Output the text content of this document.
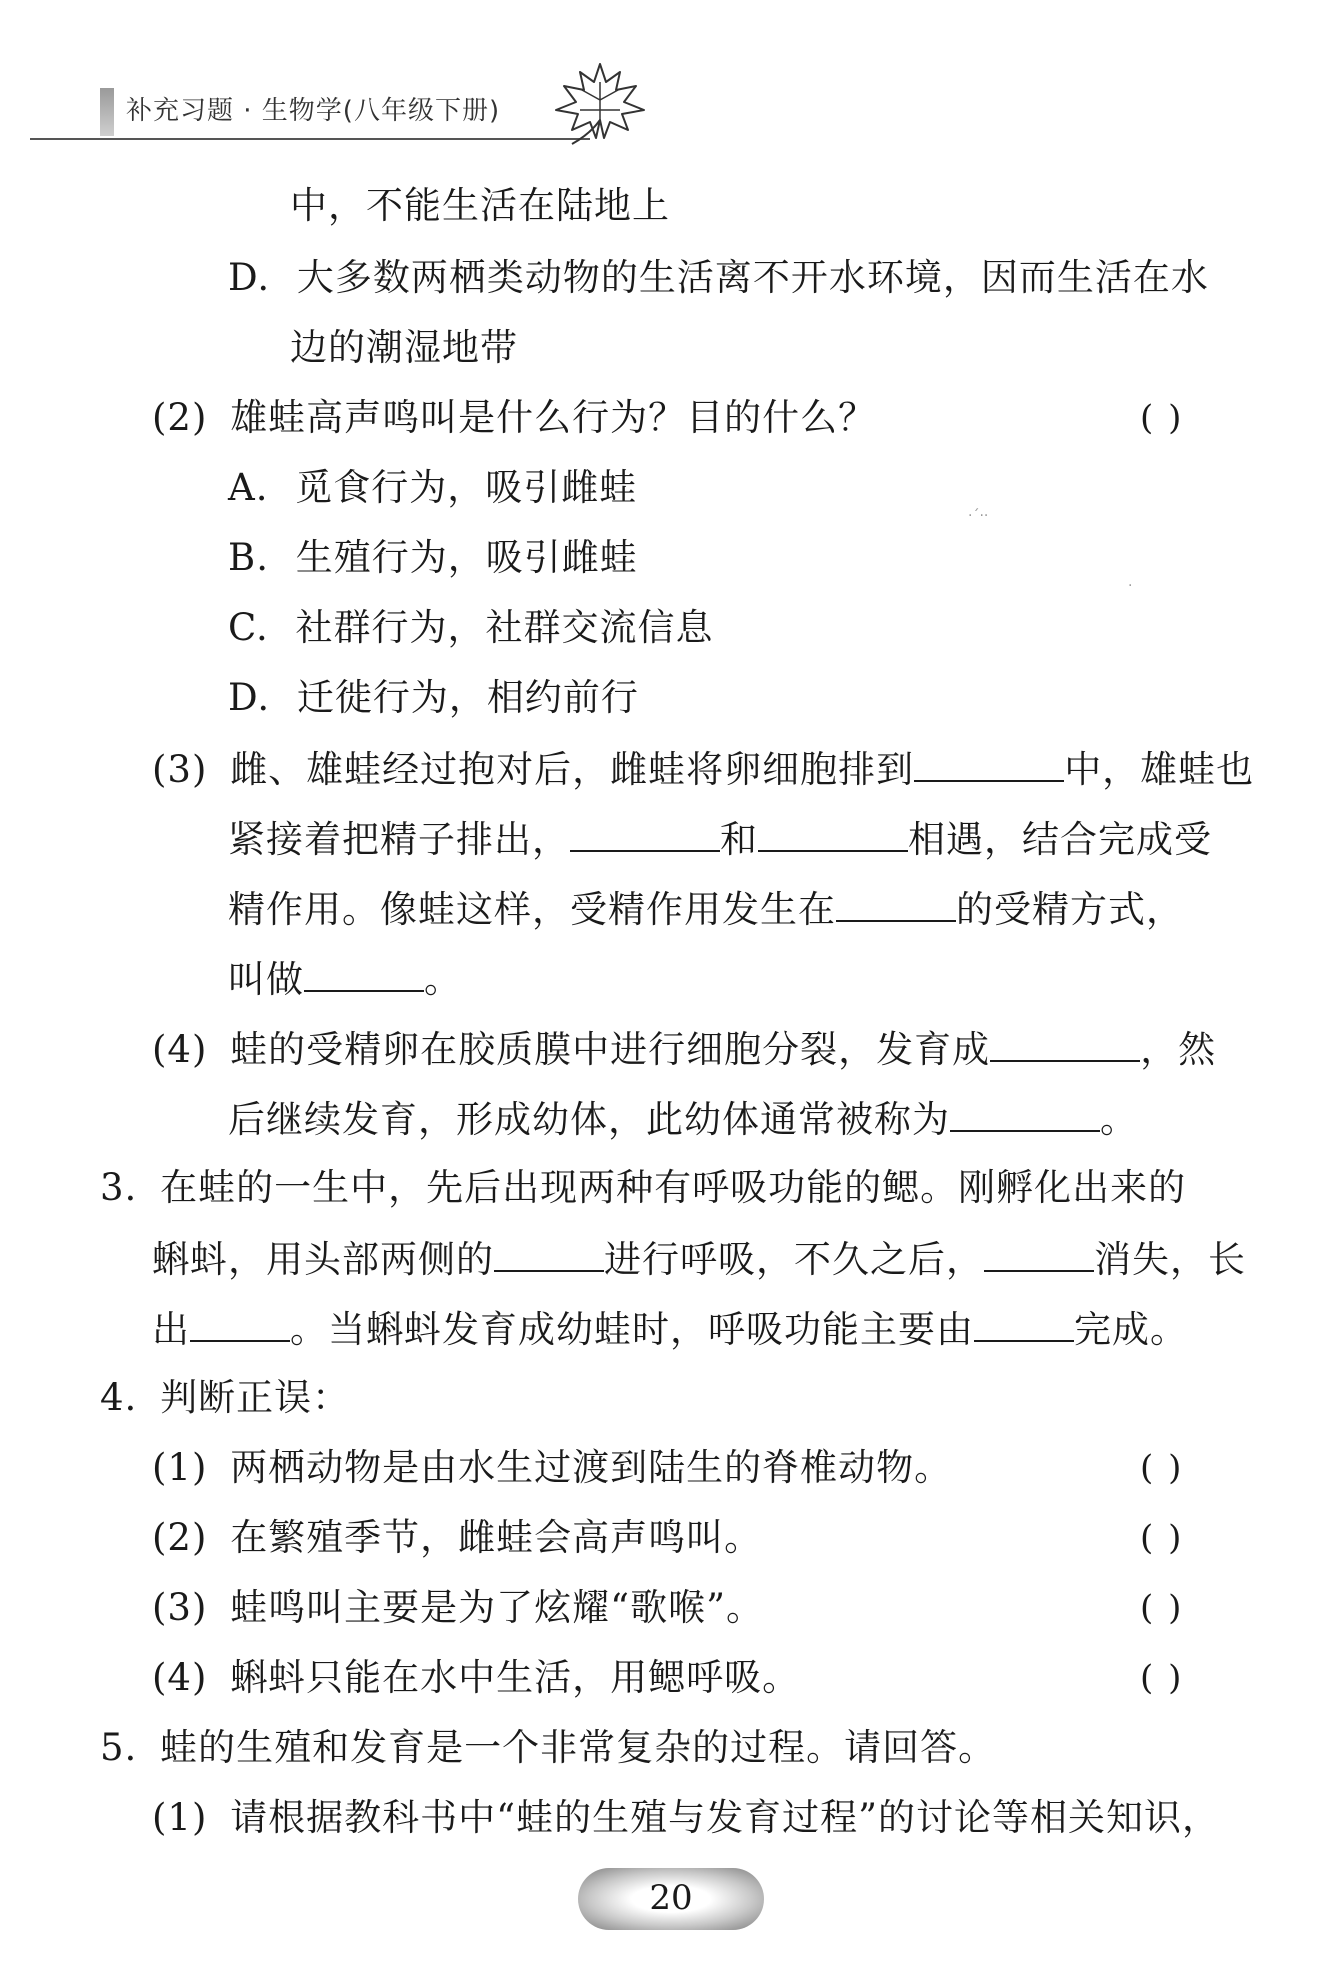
补充习题 · 生物学(八年级下册)
中，不能生活在陆地上
D. 大多数两栖类动物的生活离不开水环境，因而生活在水
边的潮湿地带
(2) 雄蛙高声鸣叫是什么行为？目的什么？	( )
A. 觅食行为，吸引雌蛙
B. 生殖行为，吸引雌蛙
C. 社群行为，社群交流信息
D. 迁徙行为，相约前行
(3) 雌、雄蛙经过抱对后，雌蛙将卵细胞排到	中，雄蛙也
紧接着把精子排出，	和	相遇，结合完成受
精作用。像蛙这样，受精作用发生在	的受精方式，
叫做	。
(4) 蛙的受精卵在胶质膜中进行细胞分裂，发育成	，然
后继续发育，形成幼体，此幼体通常被称为	。
3. 在蛙的一生中，先后出现两种有呼吸功能的鳃。刚孵化出来的
蝌蚪，用头部两侧的	进行呼吸，不久之后，	消失，长
出	。当蝌蚪发育成幼蛙时，呼吸功能主要由	完成。
4. 判断正误：
(1) 两栖动物是由水生过渡到陆生的脊椎动物。	( )
(2) 在繁殖季节，雌蛙会高声鸣叫。	( )
(3) 蛙鸣叫主要是为了炫耀“歌喉”。	( )
(4) 蝌蚪只能在水中生活，用鳃呼吸。	( )
5. 蛙的生殖和发育是一个非常复杂的过程。请回答。
(1) 请根据教科书中“蛙的生殖与发育过程”的讨论等相关知识，
·ˊ··
·
20
